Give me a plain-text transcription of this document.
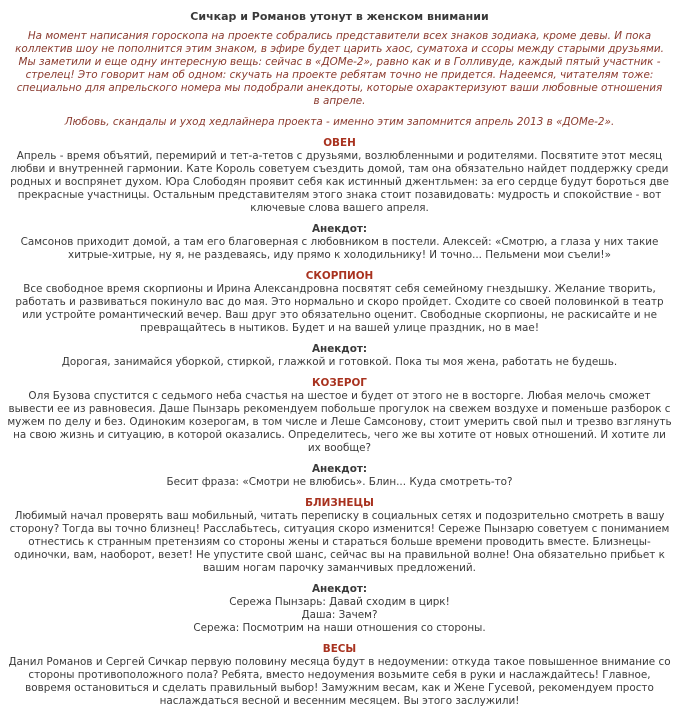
Сичкар и Романов утонут в женском внимании

На момент написания гороскопа на проекте собрались представители всех знаков зодиака, кроме девы. И пока коллектив шоу не пополнится этим знаком, в эфире будет царить хаос, суматоха и ссоры между старыми друзьями. Мы заметили и еще одну интересную вещь: сейчас в «ДОМе-2», равно как и в Голливуде, каждый пятый участник - стрелец! Это говорит нам об одном: скучать на проекте ребятам точно не придется. Надеемся, читателям тоже: специально для апрельского номера мы подобрали анекдоты, которые охарактеризуют ваши любовные отношения в апреле.

Любовь, скандалы и уход хедлайнера проекта - именно этим запомнится апрель 2013 в «ДОМе-2».

ОВЕН

Апрель - время объятий, перемирий и тет-а-тетов с друзьями, возлюбленными и родителями. Посвятите этот месяц любви и внутренней гармонии. Кате Король советуем съездить домой, там она обязательно найдет поддержку среди родных и воспрянет духом. Юра Слободян проявит себя как истинный джентльмен: за его сердце будут бороться две прекрасные участницы. Остальным представителям этого знака стоит позавидовать: мудрость и спокойствие - вот ключевые слова вашего апреля.

Анекдот:

Самсонов приходит домой, а там его благоверная с любовником в постели. Алексей: «Смотрю, а глаза у них такие хитрые-хитрые, ну я, не раздеваясь, иду прямо к холодильнику! И точно... Пельмени мои съели!»

СКОРПИОН

Все свободное время скорпионы и Ирина Александровна посвятят себя семейному гнездышку. Желание творить, работать и развиваться покинуло вас до мая. Это нормально и скоро пройдет. Сходите со своей половинкой в театр или устройте романтический вечер. Ваш друг это обязательно оценит. Свободные скорпионы, не раскисайте и не превращайтесь в нытиков. Будет и на вашей улице праздник, но в мае!

Анекдот:

Дорогая, занимайся уборкой, стиркой, глажкой и готовкой. Пока ты моя жена, работать не будешь.

КОЗЕРОГ

Оля Бузова спустится с седьмого неба счастья на шестое и будет от этого не в восторге. Любая мелочь сможет вывести ее из равновесия. Даше Пынзарь рекомендуем побольше прогулок на свежем воздухе и поменьше разборок с мужем по делу и без. Одиноким козерогам, в том числе и Леше Самсонову, стоит умерить свой пыл и трезво взглянуть на свою жизнь и ситуацию, в которой оказались. Определитесь, чего же вы хотите от новых отношений. И хотите ли их вообще?

Анекдот:

Бесит фраза: «Смотри не влюбись». Блин... Куда смотреть-то?

БЛИЗНЕЦЫ

Любимый начал проверять ваш мобильный, читать переписку в социальных сетях и подозрительно смотреть в вашу сторону? Тогда вы точно близнец! Расслабьтесь, ситуация скоро изменится! Сереже Пынзарю советуем с пониманием отнестись к странным претензиям со стороны жены и стараться больше времени проводить вместе. Близнецы-одиночки, вам, наоборот, везет! Не упустите свой шанс, сейчас вы на правильной волне! Она обязательно прибьет к вашим ногам парочку заманчивых предложений.

Анекдот:

Сережа Пынзарь: Давай сходим в цирк!
Даша: Зачем?
Сережа: Посмотрим на наши отношения со стороны.

ВЕСЫ

Данил Романов и Сергей Сичкар первую половину месяца будут в недоумении: откуда такое повышенное внимание со стороны противоположного пола? Ребята, вместо недоумения возьмите себя в руки и наслаждайтесь! Главное, вовремя остановиться и сделать правильный выбор! Замужним весам, как и Жене Гусевой, рекомендуем просто наслаждаться весной и весенним месяцем. Вы этого заслужили!
